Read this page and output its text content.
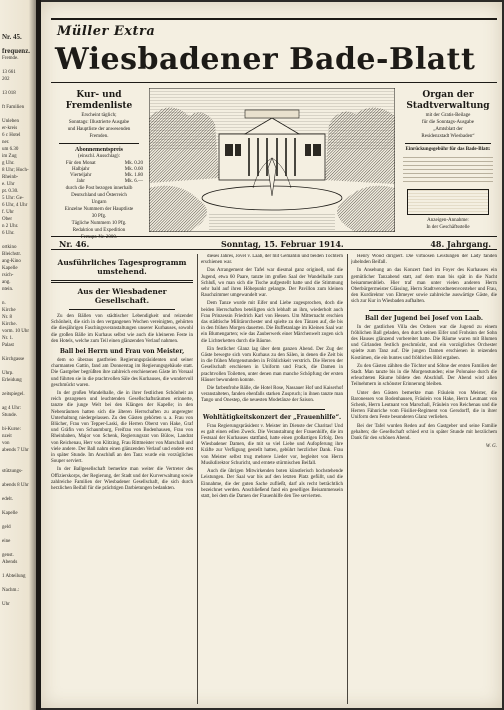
Nr. 45.

frequenz.
Fremde.

13 661
202

13 018

ft Familien

Unleben
er-kreis
6 c Hotel
ner.
um 6.30
im Zug
g Uhr.
8 Uhr; Hoch-
Rheinb-
e. Uhr
pt. 0.30.
5 Uhr: Ge-
6 Uhr, 4 Uhr
f. Uhr
Ober
n 2 Uhr.
6 Uhr.

ortkino
Bleichstr.
ang-Kino
Kapelle
rsich-
ang.
ntein.

n.
Kirche
Nr. 8
Kirche.
vorm. 10 Uhr
Nr. 1.
Palast

Kirchgasse

Uhrp.
Erleidung

zeitspiegel.

ag 4 Uhr:
Stunde.

bi-Kurse:
nzeit
von
abends 7 Uhr

stützungs-

abends 8 Uhr

edelt.

Kapelle

geld

eine

genst.
Abends

1 Abteilung

Nachm.:

Uhr
Müller Extra
Wiesbadener Bade-Blatt
Kur- und Fremdenliste

Erscheint täglich;

Sonntags: Illustrierte Ausgabe

und Hauptliste der anwesenden

Fremden.

Abonnementspreis

(einschl. Ausschlag):

Für den Monat	Mk. 0.20
Halbjahr	Mk. 0.60
Vierteljahr	Mk. 1.80
Jahr	Mk. 6.—

durch die Post bezogen innerhalb

Deutschland und Österreich

Ungarn

Einzelne Nummern der Hauptliste

30 Pfg.

Tägliche Nummern 10 Pfg.

Redaktion und Expedition

Fernspr. Nr. 2000.

Organ der Stadtverwaltung

mit der Gratis-Beilage

für die Sonntags-Ausgabe

„Amtsblatt der

Residenzstadt Wiesbaden“

Einrückungsgebühr für das Bade-Blatt:

Anzeigen-Annahme:

In der Geschäftsstelle

Nr. 46.	Sonntag, 15. Februar 1914.	48. Jahrgang.
Ausführliches Tagesprogramm umstehend.
Aus der Wiesbadener Gesellschaft.

Zu den Bällen von städtischer Lebendigkeit und reizender Schönheit, die sich in den vergangenen Wochen vereinigten, gehörten die diesjährigen Faschingsveranstaltungen unserer Kurhauses, sowohl die großen Bälle im Kurhaus selbst wie auch die kleineren Feste in den Hotels, welche zum Teil einen glänzenden Verlauf nahmen.

Ball bei Herrn und Frau von Meister,

dem so überaus gastfreien Regierungspräsidenten und seiner charmanten Gattin, fand am Donnerstag im Regierungsgebäude statt. Die Gastgeber begrüßten ihre zahlreich erschienenen Gäste im Vorsaal und führten sie in die prachtvollen Säle des Kurhauses, die wundervoll geschmückt waren.

In der großen Wandelhalle, die in ihrer festlichen Schönheit an reich gezogenen und leuchtenden Gesellschaftsräumen erinnerte, tanzte die junge Welt bei den Klängen der Kapelle; in den Nebenräumen hatten sich die älteren Herrschaften zu angeregter Unterhaltung niedergelassen. Zu den Gästen gehörten u. a. Frau von Blücher, Frau von Tepper-Laski, die Herren Oberst von Hake, Graf und Gräfin von Schaumburg, Freifrau von Bodenhausen, Frau von Rheinbaben, Major von Schenk, Regierungsrat von Bülow, Landrat von Reichenau, Herr von Klitzing, Frau Rittmeister von Marschall und viele andere. Der Ball nahm einen glänzenden Verlauf und endete erst in später Stunde. Im Anschluß an den Tanz wurde ein vorzügliches Souper serviert.

In der Ballgesellschaft bemerkte man weiter die Vertreter des Offizierskorps, der Regierung, der Stadt und der Kurverwaltung sowie zahlreiche Familien der Wiesbadener Gesellschaft, die sich durch herzlichen Beifall für die prächtigen Darbietungen bedankten.

dieses Jahres, Jovel v. Laab, der mit Gemahlin und beiden Töchtern erschienen war.

Das Arrangement der Tafel war diesmal ganz originell, und die Jugend, etwa 60 Paare, tanzte im großen Saal der Wandelhalle zum Schluß, wo man sich die Tische aufgestellt hatte und die Stimmung sehr bald auf ihren Höhepunkt gelangte. Der Pavillon zum kleinen Rauchzimmer umgewandelt war.

Dem Tanze wurde mit Eifer und Liebe zugesprochen, doch die beiden Herrschaften beteiligten sich lebhaft an ihm, wiederholt auch Frau Prinzessin Friedrich Karl von Hessen. Um Mitternacht erschien das städtische Militärorchester und spielte zu den Tänzen auf, die bis in den frühen Morgen dauerten. Die Buffetanlage im Kleinen Saal war ein Blumengarten; wie das Zauberwerk einer Märchenwelt zogen sich die Lichterketten durch die Bäume.

Ein festlicher Glanz lag über dem ganzen Abend. Der Zug der Gäste bewegte sich vom Kurhaus zu den Sälen, in denen die Zeit bis in die frühen Morgenstunden in Fröhlichkeit verstrich. Die Herren der Gesellschaft erschienen in Uniform und Frack, die Damen in prachtvollen Toiletten, unter denen man manche Schöpfung der ersten Häuser bewundern konnte.

Die farbenfrohe Bälle, die Hotel Rose, Nassauer Hof und Kaiserhof veranstalteten, fanden ebenfalls starken Zuspruch; in ihnen tanzte man Tango und Onestep, die neuesten Modetänze der Saison.

Wohltätigkeitskonzert der „Frauenhilfe“.

Frau Regierungspräsident v. Meister im Dienste der Charitas! Und es galt einen edlen Zweck. Die Veranstaltung der Frauenhilfe, die im Festsaal der Kurhauses stattfand, hatte einen großartigen Erfolg. Den Wiesbadener Damen, die mit so viel Liebe und Aufopferung ihre Kräfte zur Verfügung gestellt hatten, gebührt herzlicher Dank. Frau von Meister selbst trug mehrere Lieder vor, begleitet von Herrn Musikdirektor Schuricht, und erntete stürmischen Beifall.

Auch die übrigen Mitwirkenden boten künstlerisch hochstehende Leistungen. Der Saal war bis auf den letzten Platz gefüllt, und die Einnahme, die der guten Sache zufließt, darf als recht beträchtlich bezeichnet werden. Anschließend fand ein geselliges Beisammensein statt, bei dem die Damen der Frauenhilfe den Tee servierten.

Henry Wood dirigiert. Die virtuosen Leistungen der Lady fanden jubelnden Beifall.

In Ansehung an das Konzert fand im Foyer des Kurhauses ein gemütlicher Tanzabend statt, auf dem man bis spät in die Nacht beisammenblieb. Hier traf man unter vielen anderen Herrn Oberbürgermeister Glässing, Herrn Stadtverordnetenvorsteher und Frau, den Kurdirektor von Ebmeyer sowie zahlreiche auswärtige Gäste, die sich zur Kur in Wiesbaden aufhalten.

Ball der Jugend bei Josef von Laab.

In der gastlichen Villa des Ordners war die Jugend zu einem fröhlichen Ball geladen, den durch seinen Eifer und Frohsinn der Sohn des Hauses glänzend vorbereitet hatte. Die Räume waren mit Blumen und Girlanden festlich geschmückt, und ein vorzügliches Orchester spielte zum Tanz auf. Die jungen Damen erschienen in reizenden Kostümen, die ein buntes und fröhliches Bild ergaben.

Zu den Gästen zählten die Töchter und Söhne der ersten Familien der Stadt. Man tanzte bis in die Morgenstunden; eine Polonaise durch die erleuchteten Räume bildete den Abschluß. Der Abend wird allen Teilnehmern in schönster Erinnerung bleiben.

Unter den Gästen bemerkte man Fräulein von Meister, die Baronessen von Bodenhausen, Fräulein von Hake, Herrn Leutnant von Schenk, Herrn Leutnant von Marschall, Fräulein von Reichenau und die Herren Fähnriche vom Füsilier-Regiment von Gersdorff, die in ihrer Uniform dem Feste besonderen Glanz verliehen.

Bei der Tafel wurden Reden auf den Gastgeber und seine Familie gehalten; die Gesellschaft schied erst in später Stunde mit herzlichem Dank für den schönen Abend.

W. G.
